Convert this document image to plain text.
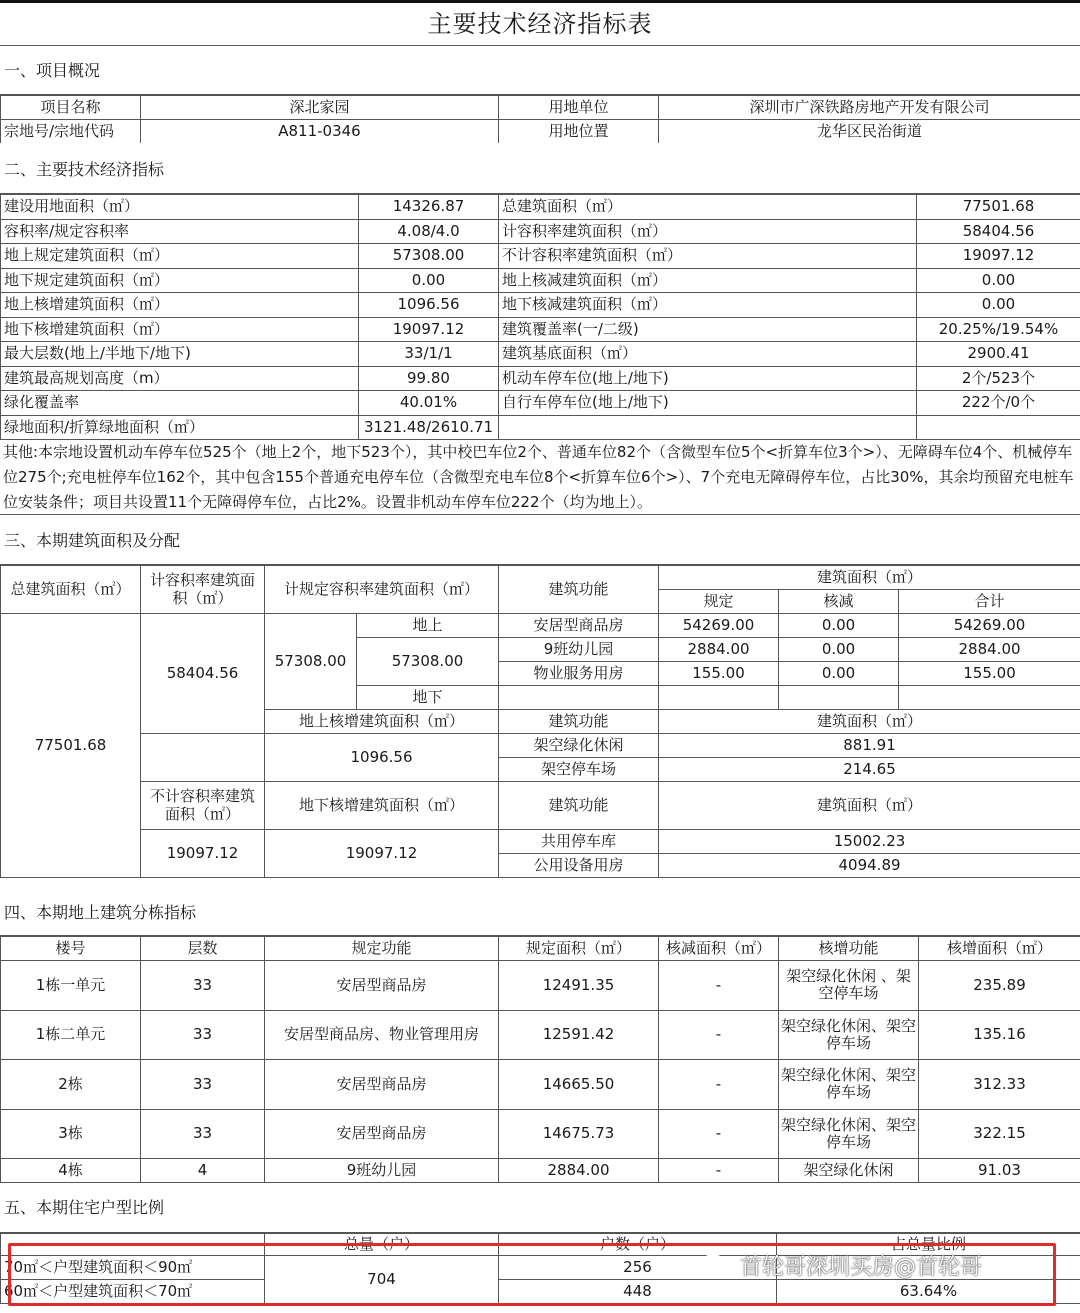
主要技术经济指标表
一、项目概况
项目名称	深北家园	用地单位	深圳市广深铁路房地产开发有限公司
宗地号/宗地代码	A811-0346	用地位置	龙华区民治街道
二、主要技术经济指标
建设用地面积（㎡）	14326.87	总建筑面积（㎡）	77501.68
容积率/规定容积率	4.08/4.0	计容积率建筑面积（㎡）	58404.56
地上规定建筑面积（㎡）	57308.00	不计容积率建筑面积（㎡）	19097.12
地下规定建筑面积（㎡）	0.00	地上核减建筑面积（㎡）	0.00
地上核增建筑面积（㎡）	1096.56	地下核减建筑面积（㎡）	0.00
地下核增建筑面积（㎡）	19097.12	建筑覆盖率(一/二级)	20.25%/19.54%
最大层数(地上/半地下/地下)	33/1/1	建筑基底面积（㎡）	2900.41
建筑最高规划高度（m）	99.80	机动车停车位(地上/地下)	2个/523个
绿化覆盖率	40.01%	自行车停车位(地上/地下)	222个/0个
绿地面积/折算绿地面积（㎡）	3121.48/2610.71		
其他:本宗地设置机动车停车位525个（地上2个，地下523个），其中校巴车位2个、普通车位82个（含微型车位5个<折算车位3个>）、无障碍车位4个、机械停车位275个;充电桩停车位162个，其中包含155个普通充电停车位（含微型充电车位8个<折算车位6个>）、7个充电无障碍停车位，占比30%，其余均预留充电桩车位安装条件；项目共设置11个无障碍停车位，占比2%。设置非机动车停车位222个（均为地上）。
三、本期建筑面积及分配
总建筑面积（㎡）	计容积率建筑面积（㎡）	计规定容积率建筑面积（㎡）		建筑功能	建筑面积（㎡）		
					规定	核减	合计
77501.68	58404.56	57308.00	地上	安居型商品房	54269.00	0.00	54269.00
			57308.00	9班幼儿园	2884.00	0.00	2884.00
				物业服务用房	155.00	0.00	155.00
			地下				
		地上核增建筑面积（㎡）		建筑功能	建筑面积（㎡）		
		1096.56		架空绿化休闲	881.91		
				架空停车场	214.65		
	不计容积率建筑面积（㎡）	地下核增建筑面积（㎡）		建筑功能	建筑面积（㎡）		
	19097.12	19097.12		共用停车库	15002.23		
				公用设备用房	4094.89		
四、本期地上建筑分栋指标
楼号	层数	规定功能	规定面积（㎡）	核减面积（㎡）	核增功能	核增面积（㎡）
1栋一单元	33	安居型商品房	12491.35	-	架空绿化休闲 、架空停车场	235.89
1栋二单元	33	安居型商品房、物业管理用房	12591.42	-	架空绿化休闲、架空停车场	135.16
2栋	33	安居型商品房	14665.50	-	架空绿化休闲、架空停车场	312.33
3栋	33	安居型商品房	14675.73	-	架空绿化休闲、架空停车场	322.15
4栋	4	9班幼儿园	2884.00	-	架空绿化休闲	91.03
五、本期住宅户型比例
	总量（户）	户数（户）	占总量比例
70㎡＜户型建筑面积＜90㎡	704	256	
60㎡＜户型建筑面积＜70㎡		448	63.64%
首轮哥深圳买房@首轮哥
